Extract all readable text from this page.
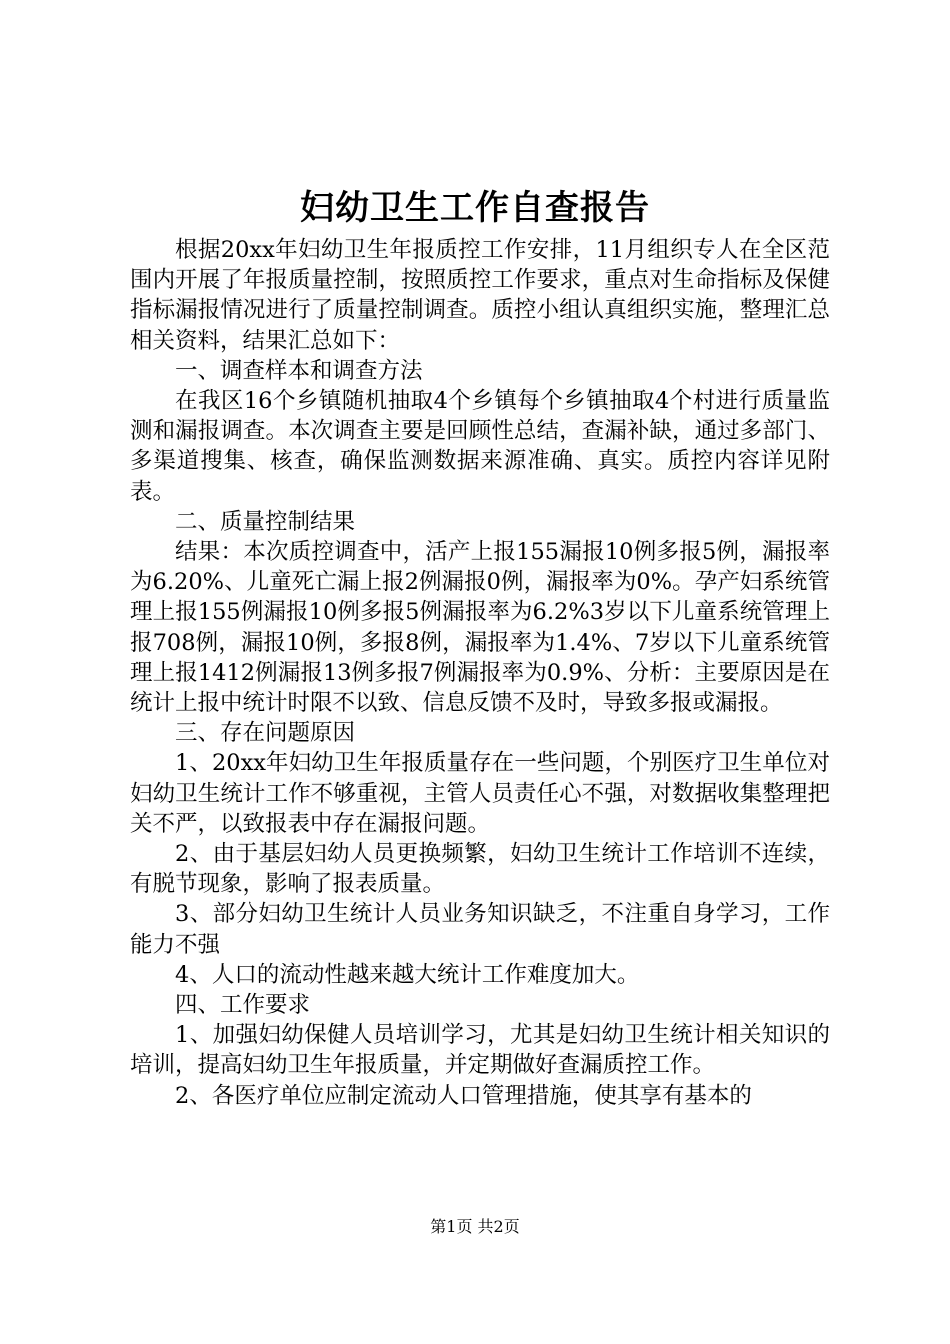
妇幼卫生工作自查报告

根据20xx年妇幼卫生年报质控工作安排，11月组织专人在全区范围内开展了年报质量控制，按照质控工作要求，重点对生命指标及保健指标漏报情况进行了质量控制调查。质控小组认真组织实施，整理汇总相关资料，结果汇总如下：

一、调查样本和调查方法

在我区16个乡镇随机抽取4个乡镇每个乡镇抽取4个村进行质量监测和漏报调查。本次调查主要是回顾性总结，查漏补缺，通过多部门、多渠道搜集、核查，确保监测数据来源准确、真实。质控内容详见附表。

二、质量控制结果

结果：本次质控调查中，活产上报155漏报10例多报5例，漏报率为6.20%、儿童死亡漏上报2例漏报0例，漏报率为0%。孕产妇系统管理上报155例漏报10例多报5例漏报率为6.2%3岁以下儿童系统管理上报708例，漏报10例，多报8例，漏报率为1.4%、7岁以下儿童系统管理上报1412例漏报13例多报7例漏报率为0.9%、分析：主要原因是在统计上报中统计时限不以致、信息反馈不及时，导致多报或漏报。

三、存在问题原因

1、20xx年妇幼卫生年报质量存在一些问题，个别医疗卫生单位对妇幼卫生统计工作不够重视，主管人员责任心不强，对数据收集整理把关不严，以致报表中存在漏报问题。

2、由于基层妇幼人员更换频繁，妇幼卫生统计工作培训不连续，有脱节现象，影响了报表质量。

3、部分妇幼卫生统计人员业务知识缺乏，不注重自身学习，工作能力不强

4、人口的流动性越来越大统计工作难度加大。

四、工作要求

1、加强妇幼保健人员培训学习，尤其是妇幼卫生统计相关知识的培训，提高妇幼卫生年报质量，并定期做好查漏质控工作。

2、各医疗单位应制定流动人口管理措施，使其享有基本的

第1页 共2页
